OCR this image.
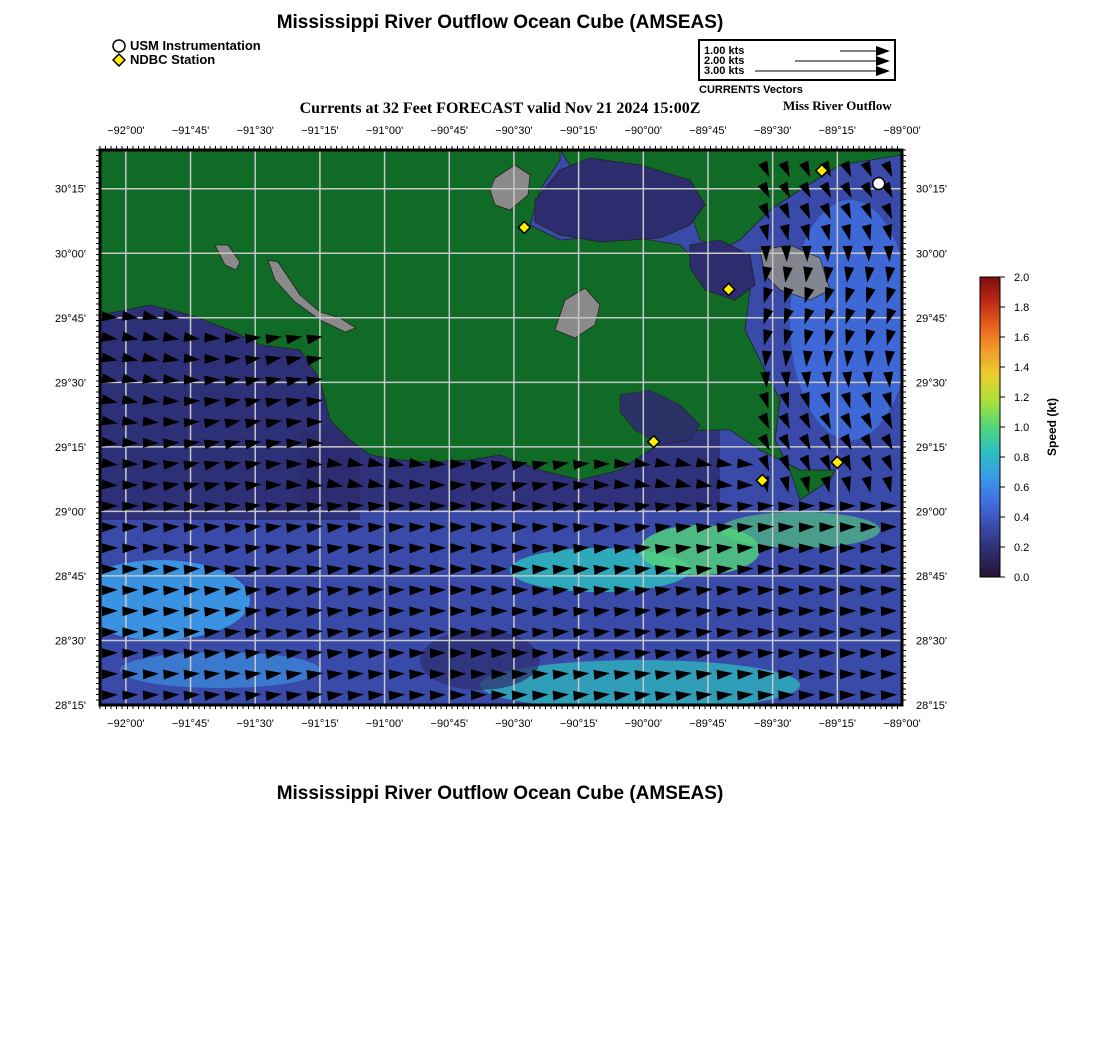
Mississippi River Outflow Ocean Cube (AMSEAS)
USM Instrumentation
NDBC Station
1.00 kts
2.00 kts
3.00 kts
CURRENTS Vectors
Currents at 32 Feet FORECAST valid Nov 21 2024 15:00Z	Miss River Outflow
−92°00'
−92°00'
−91°45'
−91°45'
−91°30'
−91°30'
−91°15'
−91°15'
−91°00'
−91°00'
−90°45'
−90°45'
−90°30'
−90°30'
−90°15'
−90°15'
−90°00'
−90°00'
−89°45'
−89°45'
−89°30'
−89°30'
−89°15'
−89°15'
−89°00'
−89°00'
30°15'	30°15'
30°00'	30°00'
29°45'	29°45'
29°30'	29°30'
29°15'	29°15'
29°00'	29°00'
28°45'	28°45'
28°30'	28°30'
28°15'	28°15'
0.0
0.2
0.4
0.6
0.8
1.0
1.2
1.4
1.6
1.8
2.0
Speed (kt)
Mississippi River Outflow Ocean Cube (AMSEAS)
